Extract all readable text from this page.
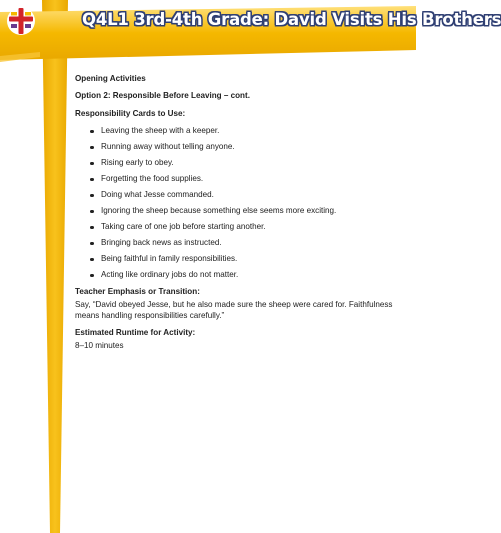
Q4L1 3rd-4th Grade: David Visits His Brothers
Opening Activities
Option 2: Responsible Before Leaving – cont.
Responsibility Cards to Use:
Leaving the sheep with a keeper.
Running away without telling anyone.
Rising early to obey.
Forgetting the food supplies.
Doing what Jesse commanded.
Ignoring the sheep because something else seems more exciting.
Taking care of one job before starting another.
Bringing back news as instructed.
Being faithful in family responsibilities.
Acting like ordinary jobs do not matter.
Teacher Emphasis or Transition:
Say, “David obeyed Jesse, but he also made sure the sheep were cared for. Faithfulness means handling responsibilities carefully.”
Estimated Runtime for Activity:
8–10 minutes
